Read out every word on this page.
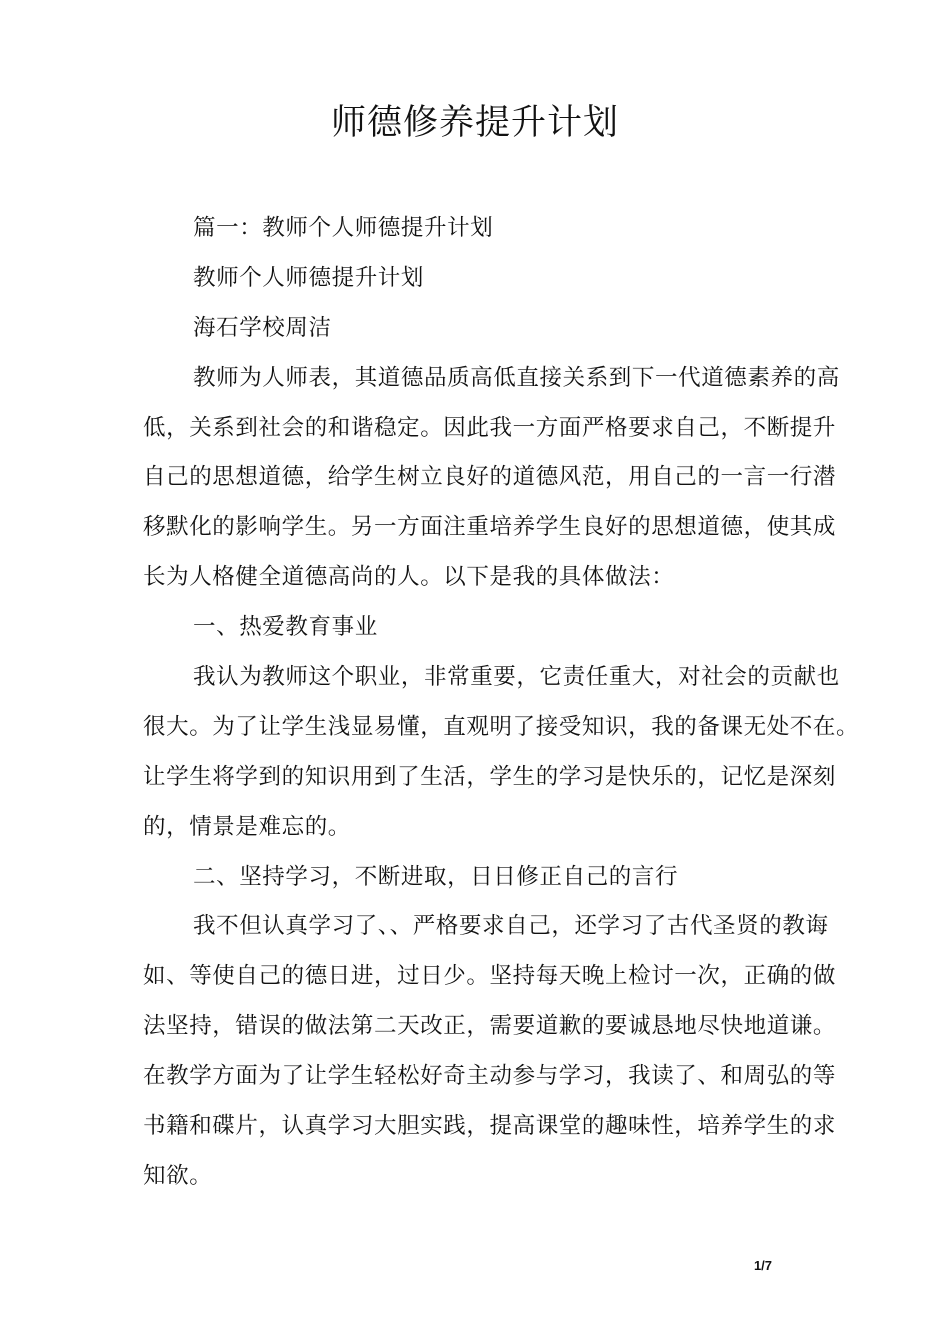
师德修养提升计划
篇一：教师个人师德提升计划
教师个人师德提升计划
海石学校周洁
教师为人师表，其道德品质高低直接关系到下一代道德素养的高
低，关系到社会的和谐稳定。因此我一方面严格要求自己，不断提升
自己的思想道德，给学生树立良好的道德风范，用自己的一言一行潜
移默化的影响学生。另一方面注重培养学生良好的思想道德，使其成
长为人格健全道德高尚的人。以下是我的具体做法：
一、热爱教育事业
我认为教师这个职业，非常重要，它责任重大，对社会的贡献也
很大。为了让学生浅显易懂，直观明了接受知识，我的备课无处不在。
让学生将学到的知识用到了生活，学生的学习是快乐的，记忆是深刻
的，情景是难忘的。
二、坚持学习，不断进取，日日修正自己的言行
我不但认真学习了、、严格要求自己，还学习了古代圣贤的教诲
如、等使自己的德日进，过日少。坚持每天晚上检讨一次，正确的做
法坚持，错误的做法第二天改正，需要道歉的要诚恳地尽快地道谦。
在教学方面为了让学生轻松好奇主动参与学习，我读了、和周弘的等
书籍和碟片，认真学习大胆实践，提高课堂的趣味性，培养学生的求
知欲。
1/7
